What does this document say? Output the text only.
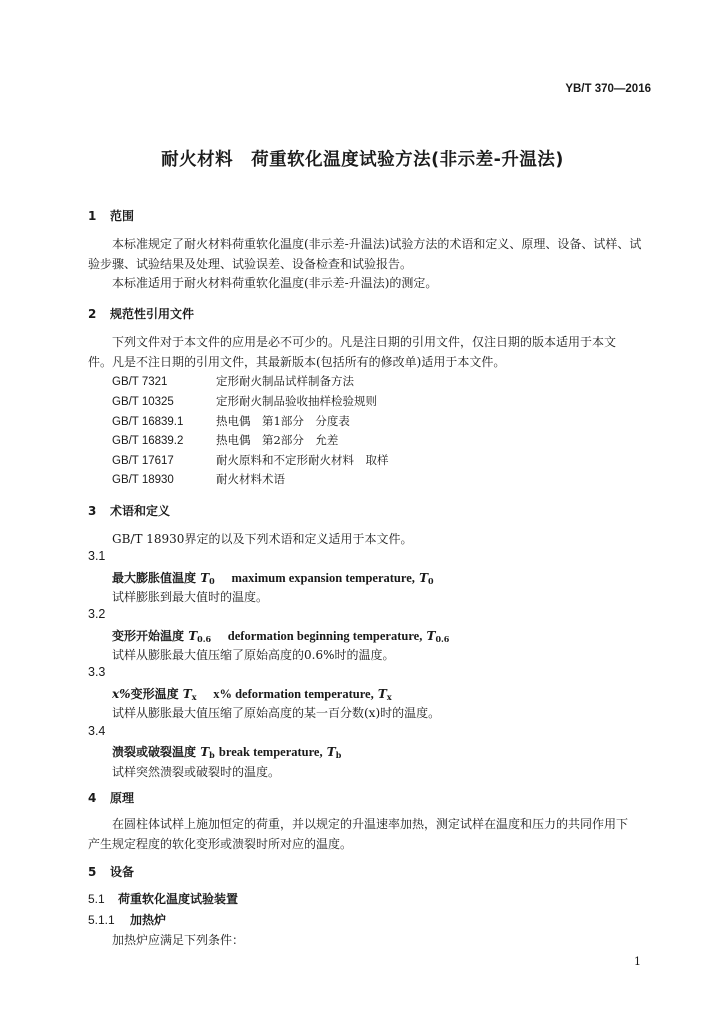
YB/T 370—2016
耐火材料　荷重软化温度试验方法(非示差-升温法)
1 范围

本标准规定了耐火材料荷重软化温度(非示差-升温法)试验方法的术语和定义、原理、设备、试样、试

验步骤、试验结果及处理、试验误差、设备检查和试验报告。

本标准适用于耐火材料荷重软化温度(非示差-升温法)的测定。

2 规范性引用文件

下列文件对于本文件的应用是必不可少的。凡是注日期的引用文件，仅注日期的版本适用于本文

件。凡是不注日期的引用文件，其最新版本(包括所有的修改单)适用于本文件。

GB/T 7321	定形耐火制品试样制备方法
GB/T 10325	定形耐火制品验收抽样检验规则
GB/T 16839.1	热电偶　第1部分　分度表
GB/T 16839.2	热电偶　第2部分　允差
GB/T 17617	耐火原料和不定形耐火材料　取样
GB/T 18930	耐火材料术语
3 术语和定义

GB/T 18930界定的以及下列术语和定义适用于本文件。

3.1
最大膨胀值温度 $T_0$ maximum expansion temperature, $T_0$

试样膨胀到最大值时的温度。

3.2
变形开始温度 $T_{0.6}$ deformation beginning temperature, $T_{0.6}$

试样从膨胀最大值压缩了原始高度的0.6%时的温度。

3.3
x%变形温度 $T_x$ x% deformation temperature, $T_x$

试样从膨胀最大值压缩了原始高度的某一百分数(x)时的温度。

3.4
溃裂或破裂温度 $T_b$ break temperature, $T_b$

试样突然溃裂或破裂时的温度。

4 原理

在圆柱体试样上施加恒定的荷重，并以规定的升温速率加热，测定试样在温度和压力的共同作用下

产生规定程度的软化变形或溃裂时所对应的温度。

5 设备
5.1 荷重软化温度试验装置
5.1.1 加热炉

加热炉应满足下列条件：

1
